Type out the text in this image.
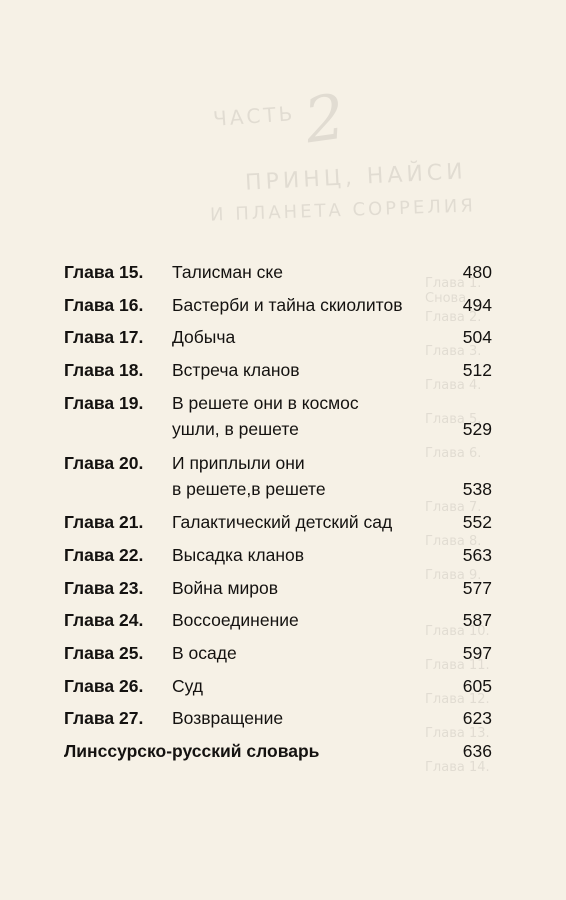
ЧАСТЬ 2
ПРИНЦ, НАЙСИ
И ПЛАНЕТА СОРРЕЛИЯ
Глава 1. Снова
Глава 2.
Глава 3.
Глава 4.
Глава 5.
Глава 6.
Глава 7.
Глава 8.
Глава 9.
Глава 10.
Глава 11.
Глава 12.
Глава 13.
Глава 14.
Глава 15. Талисман ске	480
Глава 16. Бастерби и тайна скиолитов	494
Глава 17. Добыча	504
Глава 18. Встреча кланов	512
Глава 19. В решете они в космос
ушли, в решете	529
Глава 20. И приплыли они
в решете,в решете	538
Глава 21. Галактический детский сад	552
Глава 22. Высадка кланов	563
Глава 23. Война миров	577
Глава 24. Воссоединение	587
Глава 25. В осаде	597
Глава 26. Суд	605
Глава 27. Возвращение	623
Линссурско-русский словарь	636
